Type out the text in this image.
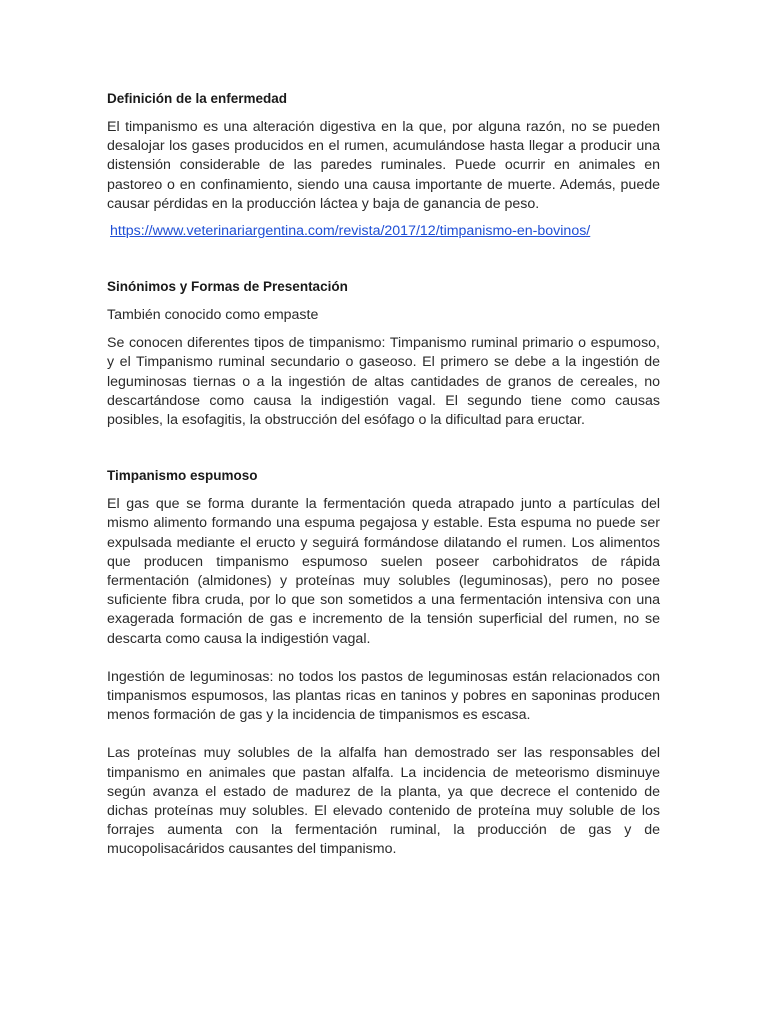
Definición de la enfermedad

El timpanismo es una alteración digestiva en la que, por alguna razón, no se pueden desalojar los gases producidos en el rumen, acumulándose hasta llegar a producir una distensión considerable de las paredes ruminales. Puede ocurrir en animales en pastoreo o en confinamiento, siendo una causa importante de muerte. Además, puede causar pérdidas en la producción láctea y baja de ganancia de peso.

https://www.veterinariargentina.com/revista/2017/12/timpanismo-en-bovinos/
Sinónimos y Formas de Presentación

También conocido como empaste

Se conocen diferentes tipos de timpanismo: Timpanismo ruminal primario o espumoso, y el Timpanismo ruminal secundario o gaseoso. El primero se debe a la ingestión de leguminosas tiernas o a la ingestión de altas cantidades de granos de cereales, no descartándose como causa la indigestión vagal. El segundo tiene como causas posibles, la esofagitis, la obstrucción del esófago o la dificultad para eructar.

Timpanismo espumoso

El gas que se forma durante la fermentación queda atrapado junto a partículas del mismo alimento formando una espuma pegajosa y estable. Esta espuma no puede ser expulsada mediante el eructo y seguirá formándose dilatando el rumen. Los alimentos que producen timpanismo espumoso suelen poseer carbohidratos de rápida fermentación (almidones) y proteínas muy solubles (leguminosas), pero no posee suficiente fibra cruda, por lo que son sometidos a una fermentación intensiva con una exagerada formación de gas e incremento de la tensión superficial del rumen, no se descarta como causa la indigestión vagal.

Ingestión de leguminosas: no todos los pastos de leguminosas están relacionados con timpanismos espumosos, las plantas ricas en taninos y pobres en saponinas producen menos formación de gas y la incidencia de timpanismos es escasa.

Las proteínas muy solubles de la alfalfa han demostrado ser las responsables del timpanismo en animales que pastan alfalfa. La incidencia de meteorismo disminuye según avanza el estado de madurez de la planta, ya que decrece el contenido de dichas proteínas muy solubles. El elevado contenido de proteína muy soluble de los forrajes aumenta con la fermentación ruminal, la producción de gas y de mucopolisacáridos causantes del timpanismo.
